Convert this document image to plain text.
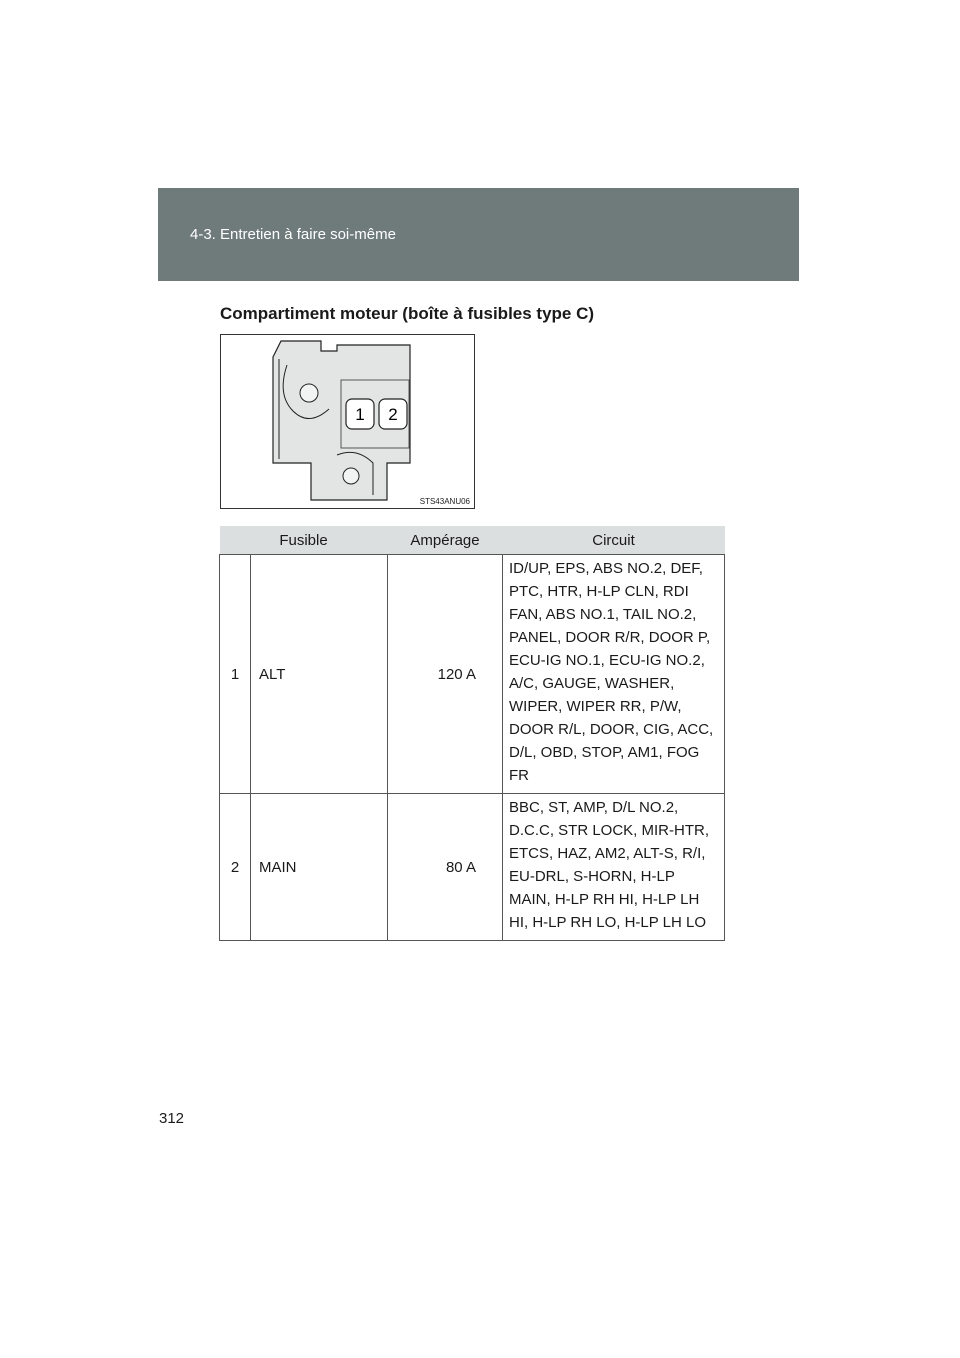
4-3. Entretien à faire soi-même
Compartiment moteur (boîte à fusibles type C)
1 2
STS43ANU06
Fusible		Ampérage	Circuit
1	ALT	120 A	ID/UP, EPS, ABS NO.2, DEF, PTC, HTR, H-LP CLN, RDI FAN, ABS NO.1, TAIL NO.2, PANEL, DOOR R/R, DOOR P, ECU-IG NO.1, ECU-IG NO.2, A/C, GAUGE, WASHER, WIPER, WIPER RR, P/W, DOOR R/L, DOOR, CIG, ACC, D/L, OBD, STOP, AM1, FOG FR
2	MAIN	80 A	BBC, ST, AMP, D/L NO.2, D.C.C, STR LOCK, MIR-HTR, ETCS, HAZ, AM2, ALT-S, R/I, EU-DRL, S-HORN, H-LP MAIN, H-LP RH HI, H-LP LH HI, H-LP RH LO, H-LP LH LO
312
